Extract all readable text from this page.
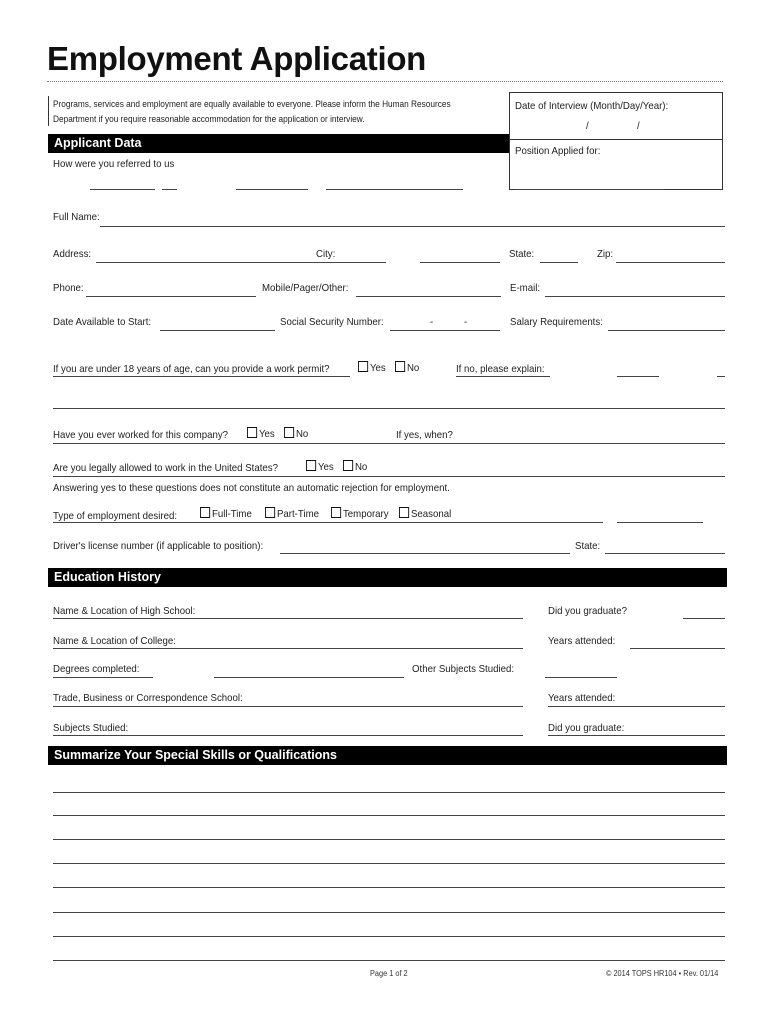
Employment Application
Programs, services and employment are equally available to everyone. Please inform the Human Resources
Department if you require reasonable accommodation for the application or interview.
Date of Interview (Month/Day/Year):
/	/
Position Applied for:
Applicant Data
How were you referred to us
Full Name:
Address:	City:	State:	Zip:
Phone:	Mobile/Pager/Other:	E-mail:
Date Available to Start:	Social Security Number:	-	-	Salary Requirements:
If you are under 18 years of age, can you provide a work permit?	Yes	No	If no, please explain:
Have you ever worked for this company?	Yes	No	If yes, when?
Are you legally allowed to work in the United States?	Yes	No
Answering yes to these questions does not constitute an automatic rejection for employment.
Type of employment desired:	Full-Time	Part-Time	Temporary	Seasonal
Driver's license number (if applicable to position):	State:
Education History
Name & Location of High School:	Did you graduate?
Name & Location of College:	Years attended:
Degrees completed:	Other Subjects Studied:
Trade, Business or Correspondence School:	Years attended:
Subjects Studied:	Did you graduate:
Summarize Your Special Skills or Qualifications
Page 1 of 2	© 2014 TOPS HR104 • Rev. 01/14
